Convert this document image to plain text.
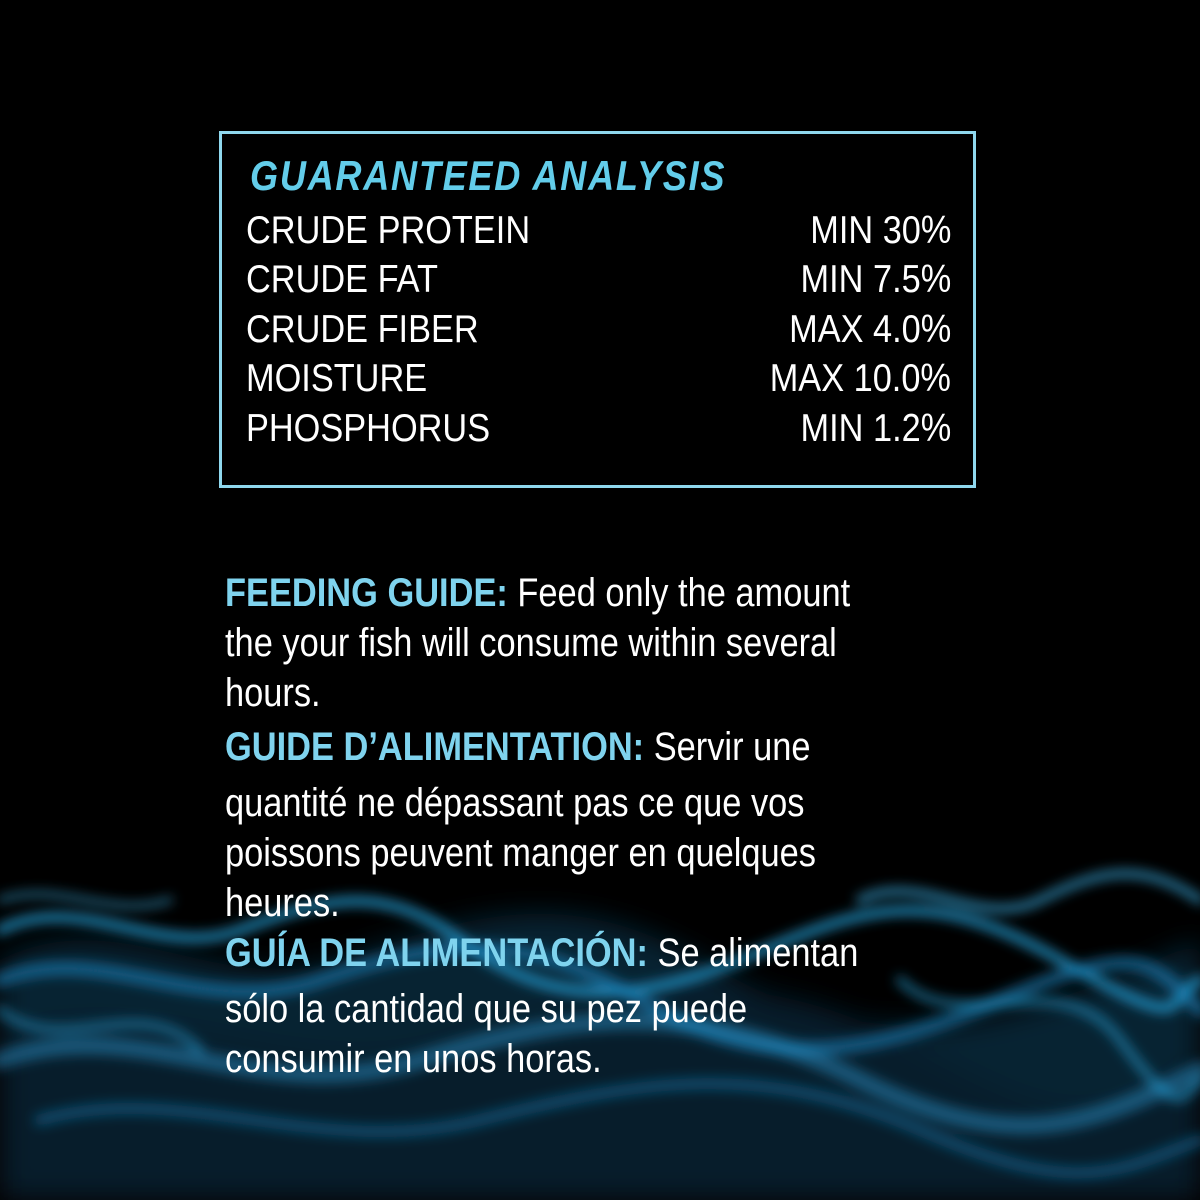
GUARANTEED ANALYSIS
CRUDE PROTEIN	MIN 30%
CRUDE FAT	MIN 7.5%
CRUDE FIBER	MAX 4.0%
MOISTURE	MAX 10.0%
PHOSPHORUS	MIN 1.2%
FEEDING GUIDE: Feed only the amount
the your fish will consume within several
hours.
GUIDE D’ALIMENTATION: Servir une
quantité ne dépassant pas ce que vos
poissons peuvent manger en quelques
heures.
GUÍA DE ALIMENTACIÓN: Se alimentan
sólo la cantidad que su pez puede
consumir en unos horas.
